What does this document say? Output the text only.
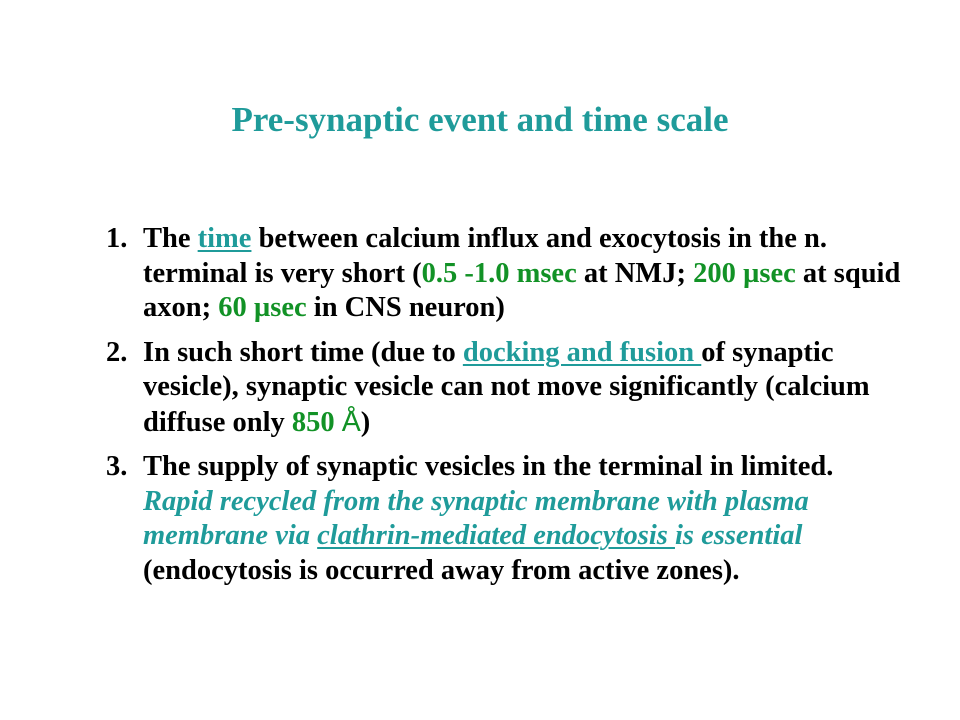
Pre-synaptic event and time scale
1. The time between calcium influx and exocytosis in the n. terminal is very short (0.5 -1.0 msec at NMJ; 200 µsec at squid axon; 60 µsec in CNS neuron)
2. In such short time (due to docking and fusion of synaptic vesicle), synaptic vesicle can not move significantly (calcium diffuse only 850 Å)
3. The supply of synaptic vesicles in the terminal in limited. Rapid recycled from the synaptic membrane with plasma membrane via clathrin-mediated endocytosis is essential (endocytosis is occurred away from active zones).
